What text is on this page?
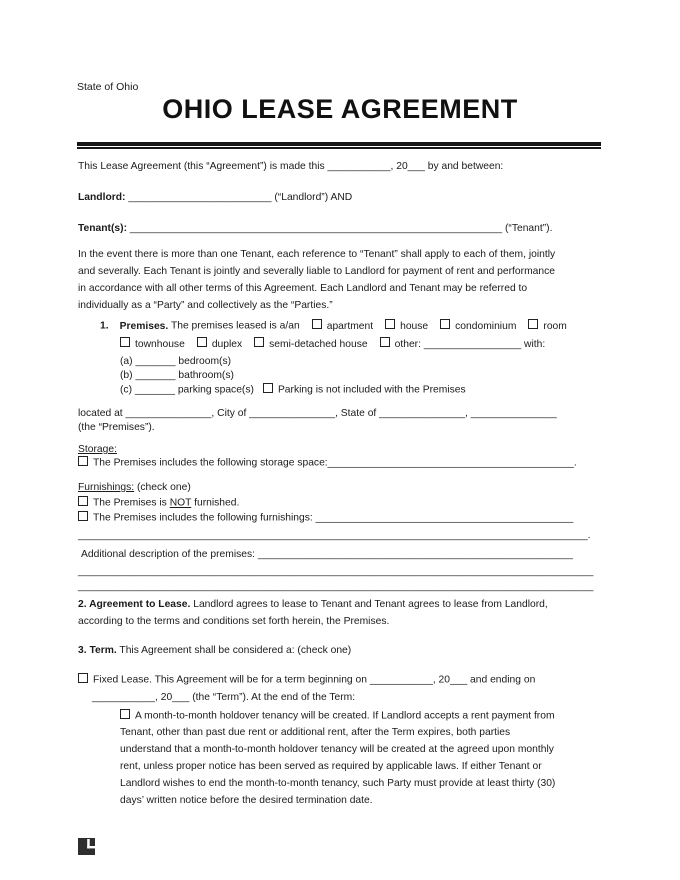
State of Ohio
OHIO LEASE AGREEMENT
This Lease Agreement (this “Agreement”) is made this ___________, 20___ by and between:
Landlord: _________________________ (“Landlord”) AND
Tenant(s): _________________________________________________________________ (“Tenant”).
In the event there is more than one Tenant, each reference to “Tenant” shall apply to each of them, jointly
and severally. Each Tenant is jointly and severally liable to Landlord for payment of rent and performance
in accordance with all other terms of this Agreement. Each Landlord and Tenant may be referred to
individually as a “Party” and collectively as the “Parties.”
1. Premises. The premises leased is a/an	apartment	house	condominium	room
townhouse	duplex	semi-detached house	other: _________________ with:
(a) _______ bedroom(s)
(b) _______ bathroom(s)
(c) _______ parking space(s) Parking is not included with the Premises
located at _______________, City of _______________, State of _______________, _______________
(the “Premises”).
Storage:
The Premises includes the following storage space:___________________________________________.
Furnishings: (check one)
The Premises is NOT furnished.
The Premises includes the following furnishings: _____________________________________________
_________________________________________________________________________________________.
Additional description of the premises: _______________________________________________________
__________________________________________________________________________________________
__________________________________________________________________________________________
2. Agreement to Lease. Landlord agrees to lease to Tenant and Tenant agrees to lease from Landlord,
according to the terms and conditions set forth herein, the Premises.
3. Term. This Agreement shall be considered a: (check one)
Fixed Lease. This Agreement will be for a term beginning on ___________, 20___ and ending on
___________, 20___ (the “Term”). At the end of the Term:
A month-to-month holdover tenancy will be created. If Landlord accepts a rent payment from
Tenant, other than past due rent or additional rent, after the Term expires, both parties
understand that a month-to-month holdover tenancy will be created at the agreed upon monthly
rent, unless proper notice has been served as required by applicable laws. If either Tenant or
Landlord wishes to end the month-to-month tenancy, such Party must provide at least thirty (30)
days’ written notice before the desired termination date.
